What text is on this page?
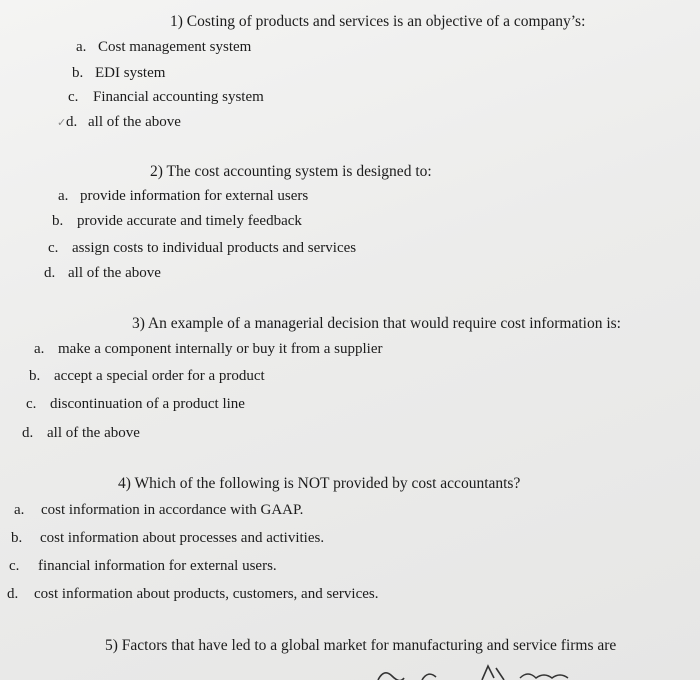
1) Costing of products and services is an objective of a company’s:
a. Cost management system
b. EDI system
c. Financial accounting system
✓ d. all of the above
2) The cost accounting system is designed to:
a. provide information for external users
b. provide accurate and timely feedback
c. assign costs to individual products and services
d. all of the above
3) An example of a managerial decision that would require cost information is:
a. make a component internally or buy it from a supplier
b. accept a special order for a product
c. discontinuation of a product line
d. all of the above
4) Which of the following is NOT provided by cost accountants?
a. cost information in accordance with GAAP.
b. cost information about processes and activities.
c. financial information for external users.
d. cost information about products, customers, and services.
5) Factors that have led to a global market for manufacturing and service firms are
